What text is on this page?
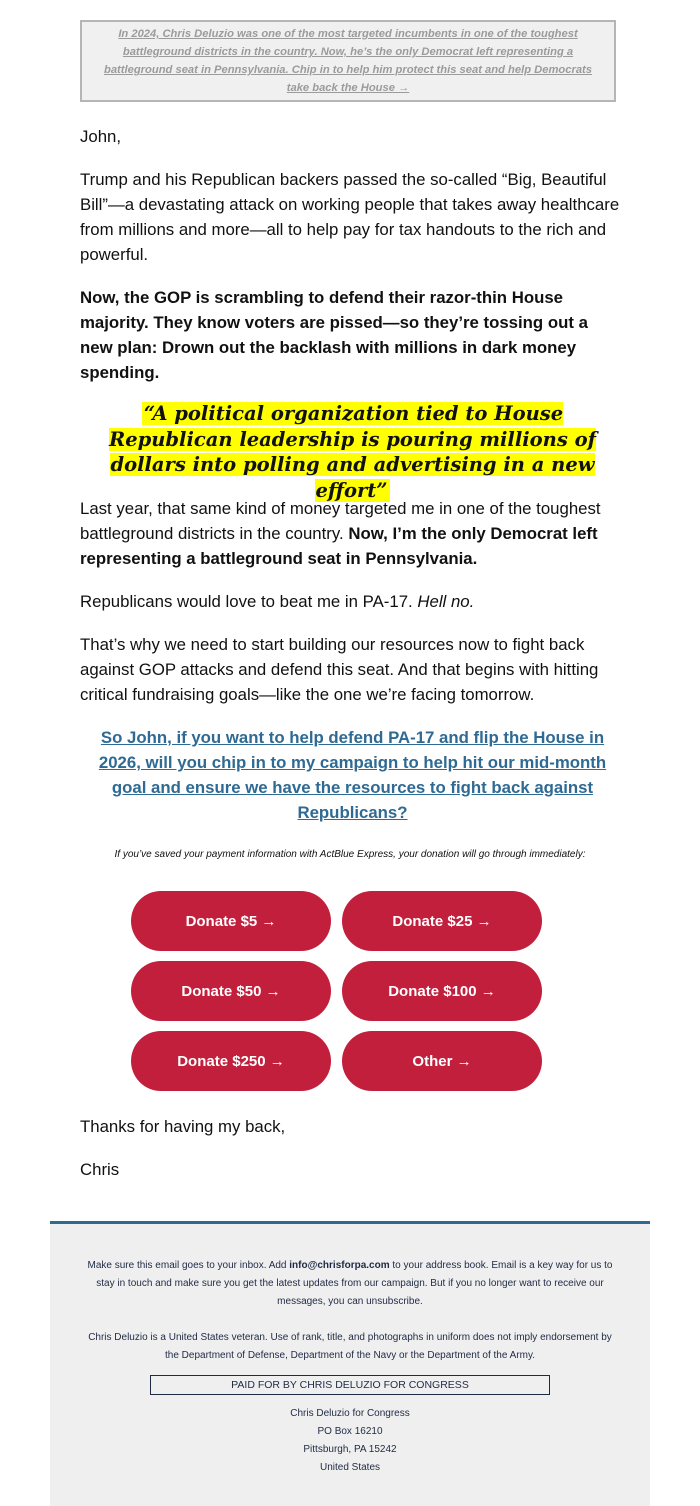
In 2024, Chris Deluzio was one of the most targeted incumbents in one of the toughest battleground districts in the country. Now, he’s the only Democrat left representing a battleground seat in Pennsylvania. Chip in to help him protect this seat and help Democrats take back the House →

John,

Trump and his Republican backers passed the so-called “Big, Beautiful Bill”—a devastating attack on working people that takes away healthcare from millions and more—all to help pay for tax handouts to the rich and powerful.

Now, the GOP is scrambling to defend their razor-thin House majority. They know voters are pissed—so they’re tossing out a new plan: Drown out the backlash with millions in dark money spending.

“A political organization tied to House Republican leadership is pouring millions of dollars into polling and advertising in a new effort”

Last year, that same kind of money targeted me in one of the toughest battleground districts in the country. Now, I’m the only Democrat left representing a battleground seat in Pennsylvania.

Republicans would love to beat me in PA-17. Hell no.

That’s why we need to start building our resources now to fight back against GOP attacks and defend this seat. And that begins with hitting critical fundraising goals—like the one we’re facing tomorrow.

So John, if you want to help defend PA-17 and flip the House in 2026, will you chip in to my campaign to help hit our mid-month goal and ensure we have the resources to fight back against Republicans?

If you’ve saved your payment information with ActBlue Express, your donation will go through immediately:

Donate $5 →	Donate $25 →
Donate $50 →	Donate $100 →
Donate $250 →	Other →

Thanks for having my back,

Chris

Make sure this email goes to your inbox. Add info@chrisforpa.com to your address book. Email is a key way for us to stay in touch and make sure you get the latest updates from our campaign. But if you no longer want to receive our messages, you can unsubscribe.

Chris Deluzio is a United States veteran. Use of rank, title, and photographs in uniform does not imply endorsement by the Department of Defense, Department of the Navy or the Department of the Army.

PAID FOR BY CHRIS DELUZIO FOR CONGRESS

Chris Deluzio for Congress

PO Box 16210

Pittsburgh, PA 15242

United States
